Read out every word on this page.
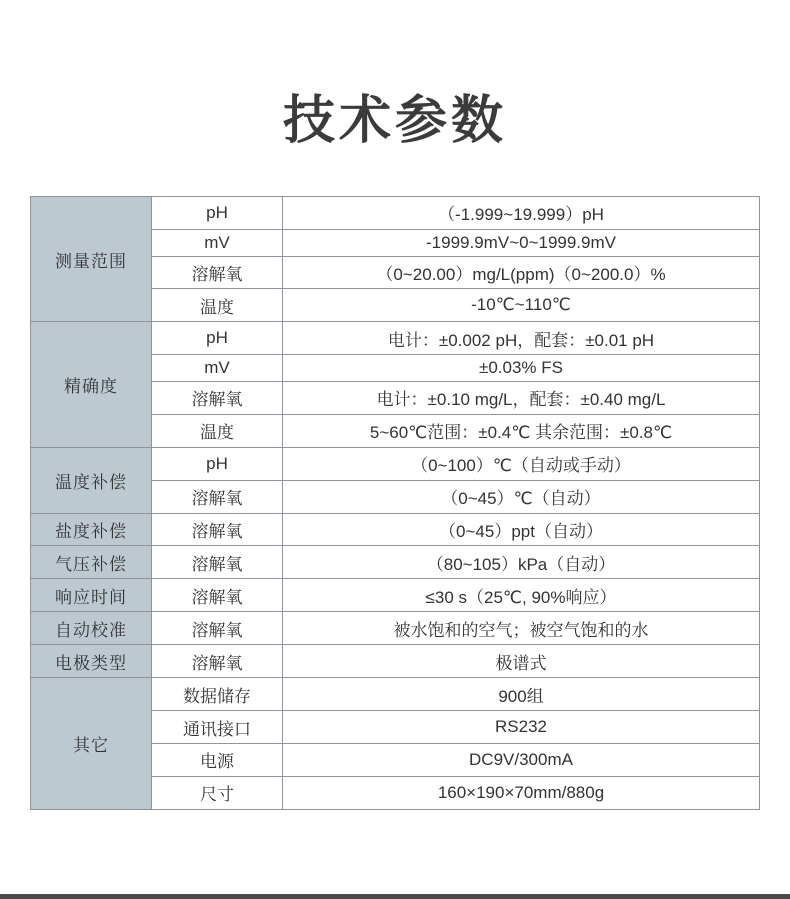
技术参数
测量范围	pH	（-1.999~19.999）pH
	mV	-1999.9mV~0~1999.9mV
	溶解氧	（0~20.00）mg/L(ppm)（0~200.0）%
	温度	-10℃~110℃
精确度	pH	电计：±0.002 pH，配套：±0.01 pH
	mV	±0.03% FS
	溶解氧	电计：±0.10 mg/L，配套：±0.40 mg/L
	温度	5~60℃范围：±0.4℃ 其余范围：±0.8℃
温度补偿	pH	（0~100）℃（自动或手动）
	溶解氧	（0~45）℃（自动）
盐度补偿	溶解氧	（0~45）ppt（自动）
气压补偿	溶解氧	（80~105）kPa（自动）
响应时间	溶解氧	≤30 s（25℃, 90%响应）
自动校准	溶解氧	被水饱和的空气；被空气饱和的水
电极类型	溶解氧	极谱式
其它	数据储存	900组
	通讯接口	RS232
	电源	DC9V/300mA
	尺寸	160×190×70mm/880g
